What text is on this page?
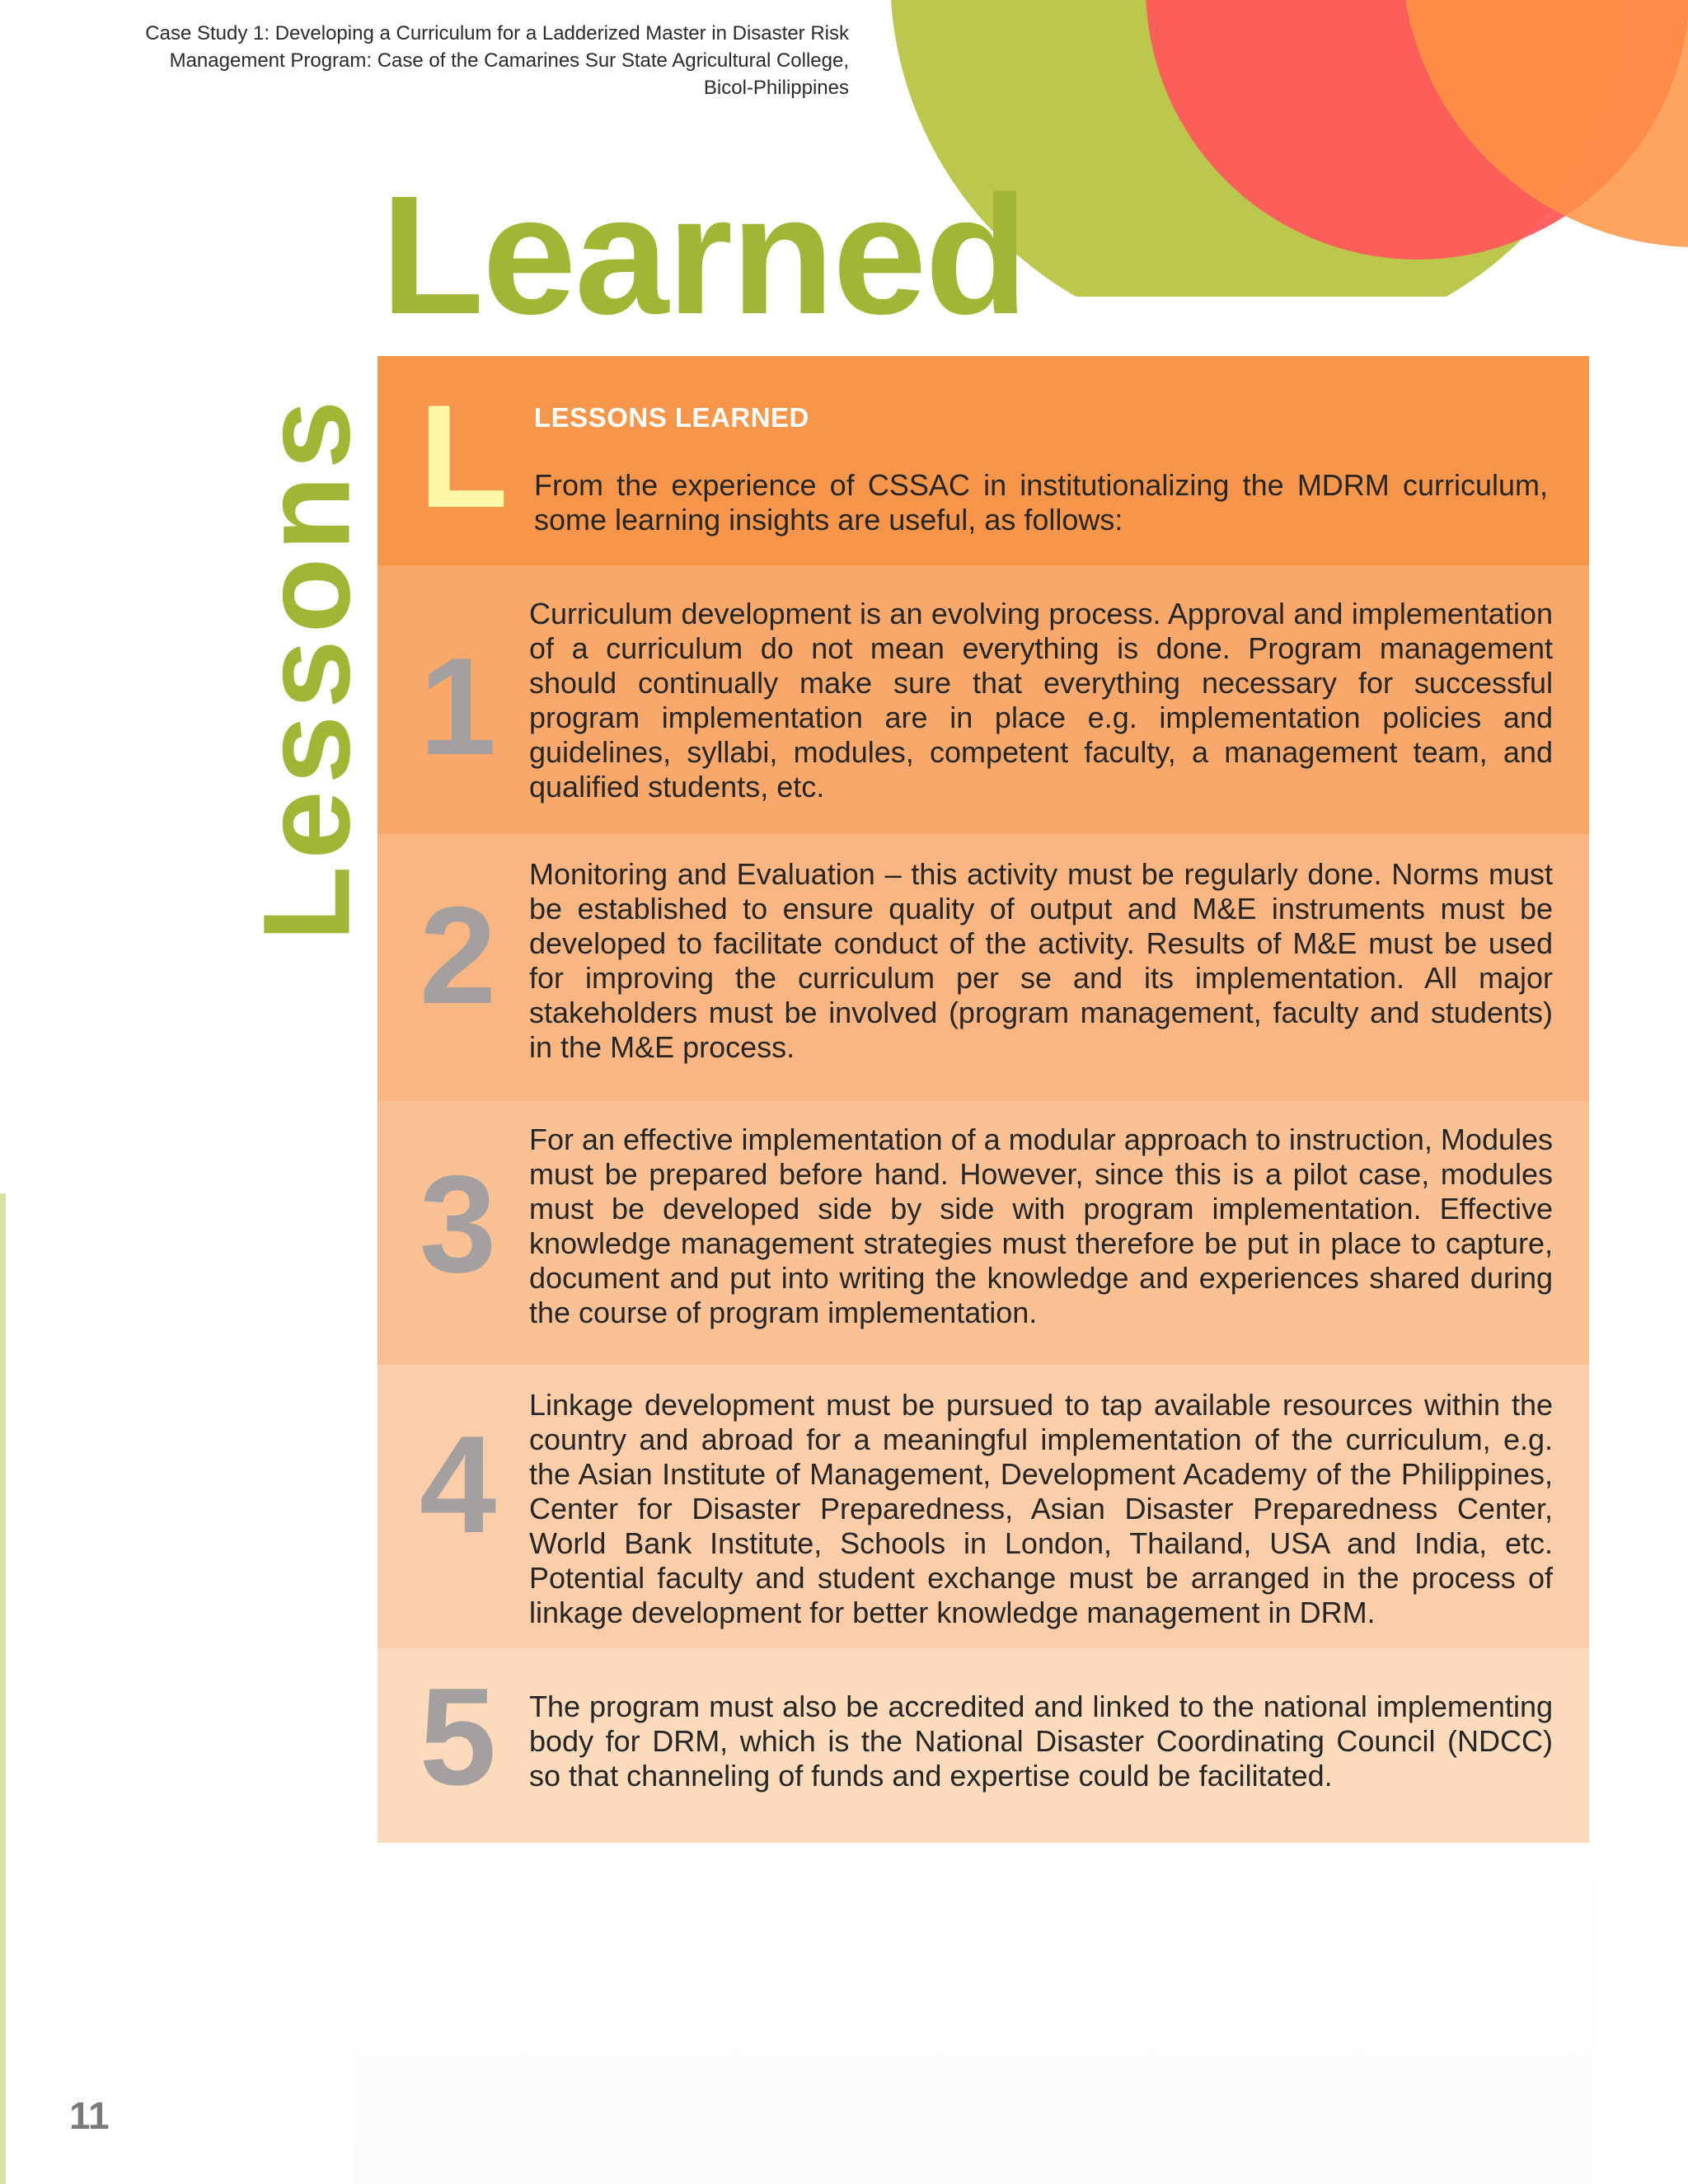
Case Study 1: Developing a Curriculum for a Ladderized Master in Disaster Risk
Management Program: Case of the Camarines Sur State Agricultural College,
Bicol-Philippines
Learned
Lessons L LESSONS LEARNED
From the experience of CSSAC in institutionalizing the MDRM curriculum, some learning insights are useful, as follows:
1
Curriculum development is an evolving process. Approval and implementation of a curriculum do not mean everything is done. Program management should continually make sure that everything necessary for successful program implementation are in place e.g. implementation policies and guidelines, syllabi, modules, competent faculty, a management team, and qualified students, etc.
2
Monitoring and Evaluation – this activity must be regularly done. Norms must be established to ensure quality of output and M&E instruments must be developed to facilitate conduct of the activity. Results of M&E must be used for improving the curriculum per se and its implementation. All major stakeholders must be involved (program management, faculty and students) in the M&E process.
3
For an effective implementation of a modular approach to instruction, Modules must be prepared before hand. However, since this is a pilot case, modules must be developed side by side with program implementation. Effective knowledge management strategies must therefore be put in place to capture, document and put into writing the knowledge and experiences shared during the course of program implementation.
4
Linkage development must be pursued to tap available resources within the country and abroad for a meaningful implementation of the curriculum, e.g. the Asian Institute of Management, Development Academy of the Philippines, Center for Disaster Preparedness, Asian Disaster Preparedness Center, World Bank Institute, Schools in London, Thailand, USA and India, etc. Potential faculty and student exchange must be arranged in the process of linkage development for better knowledge management in DRM.
5 The program must also be accredited and linked to the national implementing body for DRM, which is the National Disaster Coordinating Council (NDCC) so that channeling of funds and expertise could be facilitated.
11
